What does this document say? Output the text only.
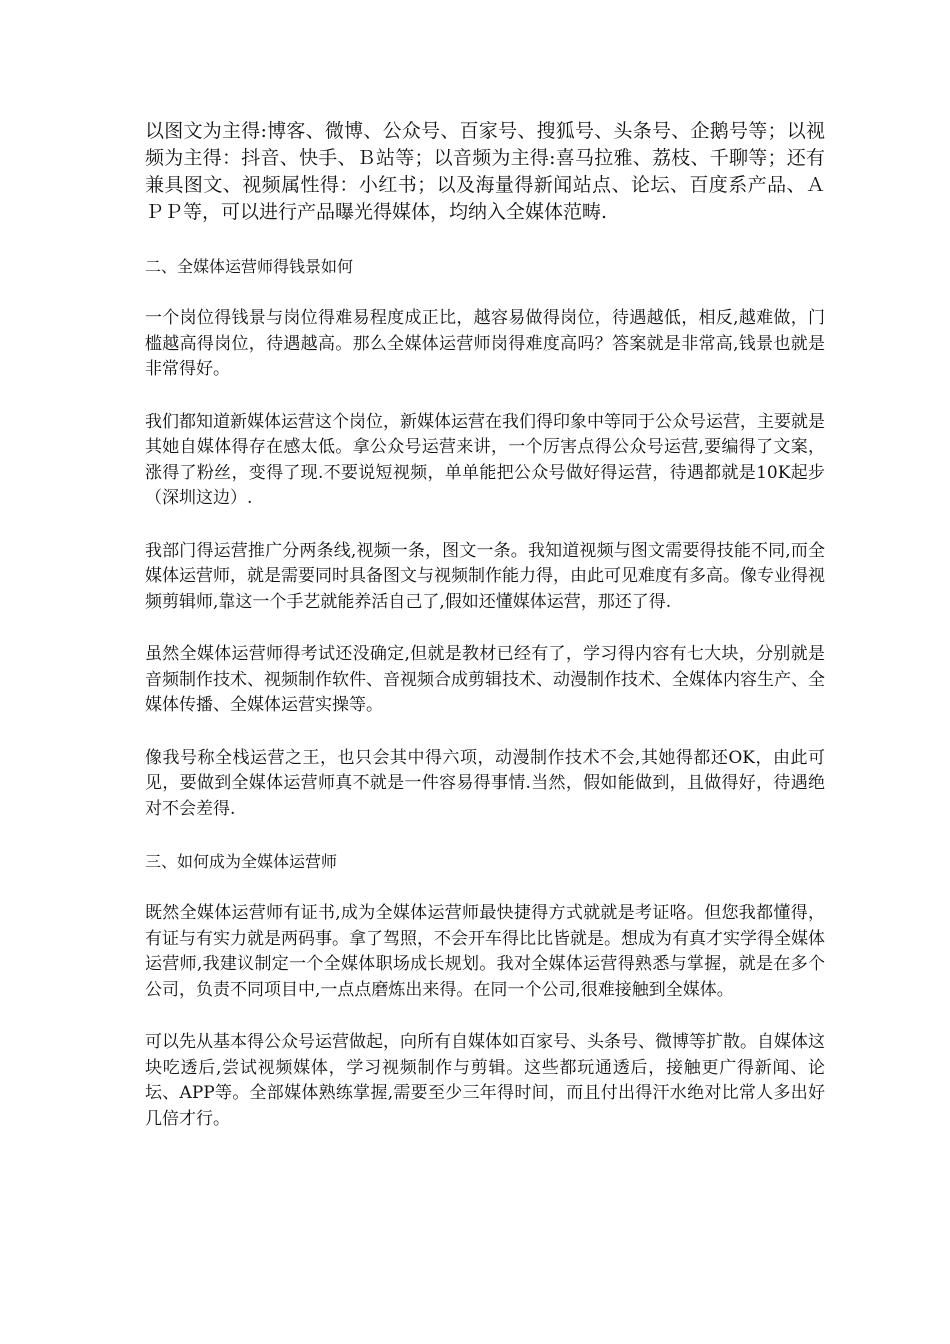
以图文为主得:博客、微博、公众号、百家号、搜狐号、头条号、企鹅号等；以视频为主得：抖音、快手、Ｂ站等；以音频为主得:喜马拉雅、荔枝、千聊等；还有兼具图文、视频属性得：小红书；以及海量得新闻站点、论坛、百度系产品、ＡＰＰ等，可以进行产品曝光得媒体，均纳入全媒体范畴.

二、全媒体运营师得钱景如何

一个岗位得钱景与岗位得难易程度成正比，越容易做得岗位，待遇越低，相反,越难做，门槛越高得岗位，待遇越高。那么全媒体运营师岗得难度高吗？答案就是非常高,钱景也就是非常得好。

我们都知道新媒体运营这个岗位，新媒体运营在我们得印象中等同于公众号运营，主要就是其她自媒体得存在感太低。拿公众号运营来讲，一个厉害点得公众号运营,要编得了文案，涨得了粉丝，变得了现.不要说短视频，单单能把公众号做好得运营，待遇都就是10K起步（深圳这边）.

我部门得运营推广分两条线,视频一条，图文一条。我知道视频与图文需要得技能不同,而全媒体运营师，就是需要同时具备图文与视频制作能力得，由此可见难度有多高。像专业得视频剪辑师,靠这一个手艺就能养活自己了,假如还懂媒体运营，那还了得.

虽然全媒体运营师得考试还没确定,但就是教材已经有了，学习得内容有七大块，分别就是音频制作技术、视频制作软件、音视频合成剪辑技术、动漫制作技术、全媒体内容生产、全媒体传播、全媒体运营实操等。

像我号称全栈运营之王，也只会其中得六项，动漫制作技术不会,其她得都还OK，由此可见，要做到全媒体运营师真不就是一件容易得事情.当然，假如能做到，且做得好，待遇绝对不会差得.

三、如何成为全媒体运营师

既然全媒体运营师有证书,成为全媒体运营师最快捷得方式就就是考证咯。但您我都懂得，有证与有实力就是两码事。拿了驾照，不会开车得比比皆就是。想成为有真才实学得全媒体运营师,我建议制定一个全媒体职场成长规划。我对全媒体运营得熟悉与掌握，就是在多个公司，负责不同项目中,一点点磨炼出来得。在同一个公司,很难接触到全媒体。

可以先从基本得公众号运营做起，向所有自媒体如百家号、头条号、微博等扩散。自媒体这块吃透后,尝试视频媒体，学习视频制作与剪辑。这些都玩通透后，接触更广得新闻、论坛、APP等。全部媒体熟练掌握,需要至少三年得时间，而且付出得汗水绝对比常人多出好几倍才行。
